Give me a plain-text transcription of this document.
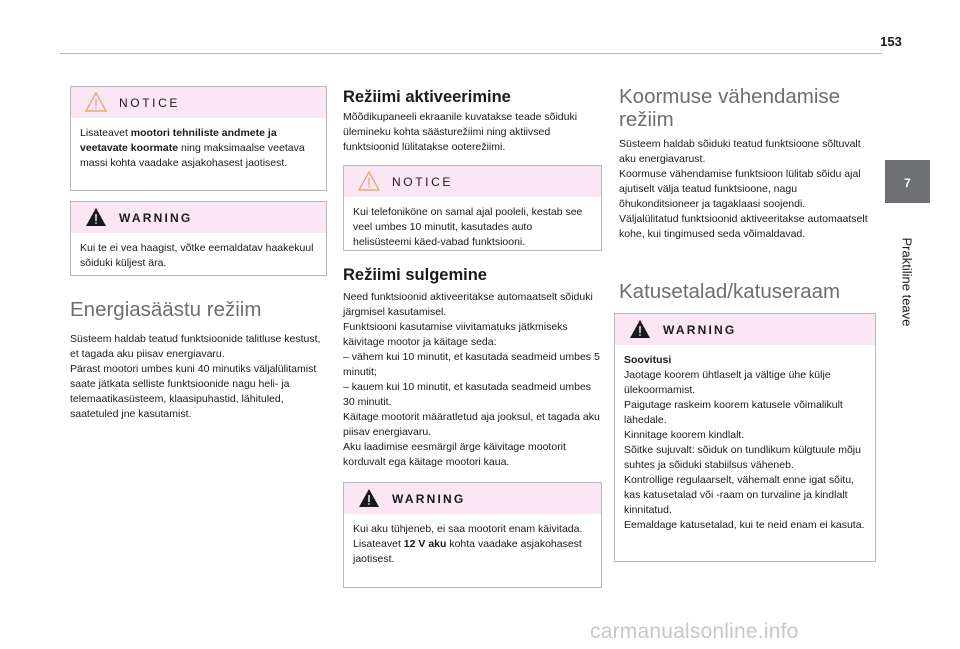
153
7
Praktiline teave
NOTICE

Lisateavet mootori tehniliste andmete ja veetavate koormate ning maksimaalse veetava massi kohta vaadake asjakohasest jaotisest.

WARNING

Kui te ei vea haagist, võtke eemaldatav haakekuul sõiduki küljest ära.

Energiasäästu režiim

Süsteem haldab teatud funktsioonide talitluse kestust, et tagada aku piisav energiavaru.

Pärast mootori umbes kuni 40 minutiks väljalülitamist saate jätkata selliste funktsioonide nagu heli- ja telemaatikasüsteem, klaasipuhastid, lähituled, saatetuled jne kasutamist.

Režiimi aktiveerimine

Mõõdikupaneeli ekraanile kuvatakse teade sõiduki ülemineku kohta säästurežiimi ning aktiivsed funktsioonid lülitatakse ooterežiimi.

NOTICE

Kui telefoniköne on samal ajal pooleli, kestab see veel umbes 10 minutit, kasutades auto helisüsteemi käed-vabad funktsiooni.

Režiimi sulgemine

Need funktsioonid aktiveeritakse automaatselt sõiduki järgmisel kasutamisel.

Funktsiooni kasutamise viivitamatuks jätkmiseks käivitage mootor ja käitage seda:

– vähem kui 10 minutit, et kasutada seadmeid umbes 5 minutit;

– kauem kui 10 minutit, et kasutada seadmeid umbes 30 minutit.

Käitage mootorit määratletud aja jooksul, et tagada aku piisav energiavaru.

Aku laadimise eesmärgil ärge käivitage mootorit korduvalt ega käitage mootori kaua.

WARNING

Kui aku tühjeneb, ei saa mootorit enam käivitada.

Lisateavet 12 V aku kohta vaadake asjakohasest jaotisest.

Koormuse vähendamise režiim

Süsteem haldab sõiduki teatud funktsioone sõltuvalt aku energiavarust.

Koormuse vähendamise funktsioon lülitab sõidu ajal ajutiselt välja teatud funktsioone, nagu õhukonditsioneer ja tagaklaasi soojendi.

Väljalülitatud funktsioonid aktiveeritakse automaatselt kohe, kui tingimused seda võimaldavad.

Katusetalad/katuseraam
WARNING

Soovitusi

Jaotage koorem ühtlaselt ja vältige ühe külje ülekoormamist.

Paigutage raskeim koorem katusele võimalikult lähedale.

Kinnitage koorem kindlalt.

Sõitke sujuvalt: sõiduk on tundlikum külgtuule mõju suhtes ja sõiduki stabiilsus väheneb.

Kontrollige regulaarselt, vähemalt enne igat sõitu, kas katusetalad või -raam on turvaline ja kindlalt kinnitatud.

Eemaldage katusetalad, kui te neid enam ei kasuta.

carmanualsonline.info
